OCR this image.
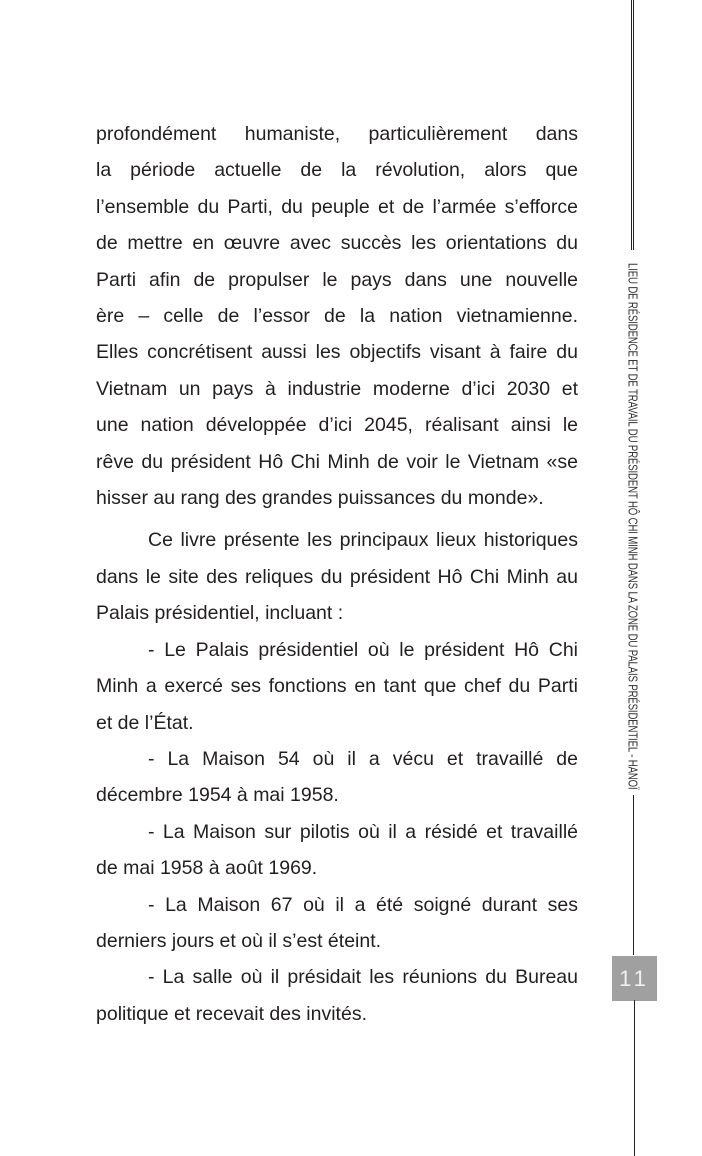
profondément humaniste, particulièrement dans
la période actuelle de la révolution, alors que
l’ensemble du Parti, du peuple et de l’armée s’efforce
de mettre en œuvre avec succès les orientations du
Parti afin de propulser le pays dans une nouvelle
ère – celle de l’essor de la nation vietnamienne.
Elles concrétisent aussi les objectifs visant à faire du
Vietnam un pays à industrie moderne d’ici 2030 et
une nation développée d’ici 2045, réalisant ainsi le
rêve du président Hô Chi Minh de voir le Vietnam «se
hisser au rang des grandes puissances du monde».
Ce livre présente les principaux lieux historiques
dans le site des reliques du président Hô Chi Minh au
Palais présidentiel, incluant :
- Le Palais présidentiel où le président Hô Chi
Minh a exercé ses fonctions en tant que chef du Parti
et de l’État.
- La Maison 54 où il a vécu et travaillé de
décembre 1954 à mai 1958.
- La Maison sur pilotis où il a résidé et travaillé
de mai 1958 à août 1969.
- La Maison 67 où il a été soigné durant ses
derniers jours et où il s’est éteint.
- La salle où il présidait les réunions du Bureau
politique et recevait des invités.
LIEU DE RÉSIDENCE ET DE TRAVAIL DU PRÉSIDENT HÔ CHI MINH DANS LA ZONE DU PALAIS PRÉSIDENTIEL - HANOÏ
11
